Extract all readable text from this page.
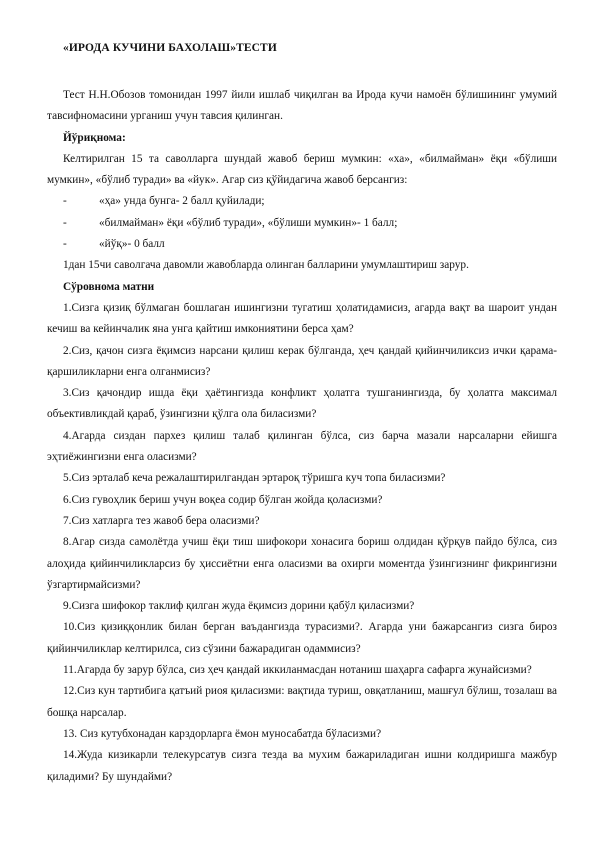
«ИРОДА КУЧИНИ БАХОЛАШ»ТЕСТИ

Тест Н.Н.Обозов томонидан 1997 йили ишлаб чиқилган ва Ирода кучи намоён бўлишининг умумий тавсифномасини урганиш учун тавсия қилинган.

Йўриқнома:

Келтирилган 15 та саволларга шундай жавоб бериш мумкин: «ха», «билмайман» ёқи «бўлиши мумкин», «бўлиб туради» ва «йук». Агар сиз қўйидагича жавоб берсангиз:

-	«ҳа» унда бунга- 2 балл қуйилади;
-	«билмайман» ёқи «бўлиб туради», «бўлиши мумкин»- 1 балл;
-	«йўқ»- 0 балл

1дан 15чи саволгача давомли жавобларда олинган балларини умумлаштириш зарур.

Сўровнома матни

1.Сизга қизиқ бўлмаган бошлаган ишингизни тугатиш ҳолатидамисиз, агарда вақт ва шароит ундан кечиш ва кейинчалик яна унга қайтиш имкониятини берса ҳам?

2.Сиз, қачон сизга ёқимсиз нарсани қилиш керак бўлганда, ҳеч қандай қийинчиликсиз ички қарама-қаршиликларни енга олганмисиз?

3.Сиз қачондир ишда ёқи ҳаётингизда конфликт ҳолатга тушганингизда, бу ҳолатга максимал объективликдай қараб, ўзингизни қўлга ола биласизми?

4.Агарда сиздан пархез қилиш талаб қилинган бўлса, сиз барча мазали нарсаларни ейишга эҳтиёжингизни енга оласизми?

5.Сиз эрталаб кеча режалаштирилгандан эртароқ тўришга куч топа биласизми?

6.Сиз гувоҳлик бериш учун воқеа содир бўлган жойда қоласизми?

7.Сиз хатларга тез жавоб бера оласизми?

8.Агар сизда самолётда учиш ёқи тиш шифокори хонасига бориш олдидан қўрқув пайдо бўлса, сиз алоҳида қийинчиликларсиз бу ҳиссиётни енга оласизми ва охирги моментда ўзингизнинг фикрингизни ўзгартирмайсизми?

9.Сизга шифокор таклиф қилган жуда ёқимсиз дорини қабўл қиласизми?

10.Сиз қизиққонлик билан берган ваъдангизда турасизми?. Агарда уни бажарсангиз сизга бироз қийинчиликлар келтирилса, сиз сўзини бажарадиган одаммисиз?

11.Агарда бу зарур бўлса, сиз ҳеч қандай иккиланмасдан нотаниш шаҳарга сафарга жунайсизми?

12.Сиз кун тартибига қатъий риоя қиласизми: вақтида туриш, овқатланиш, машғул бўлиш, тозалаш ва бошқа нарсалар.

13. Сиз кутубхонадан карздорларга ёмон муносабатда бўласизми?

14.Жуда кизикарли телекурсатув сизга тезда ва мухим бажариладиган ишни колдиришга мажбур қиладими? Бу шундайми?
